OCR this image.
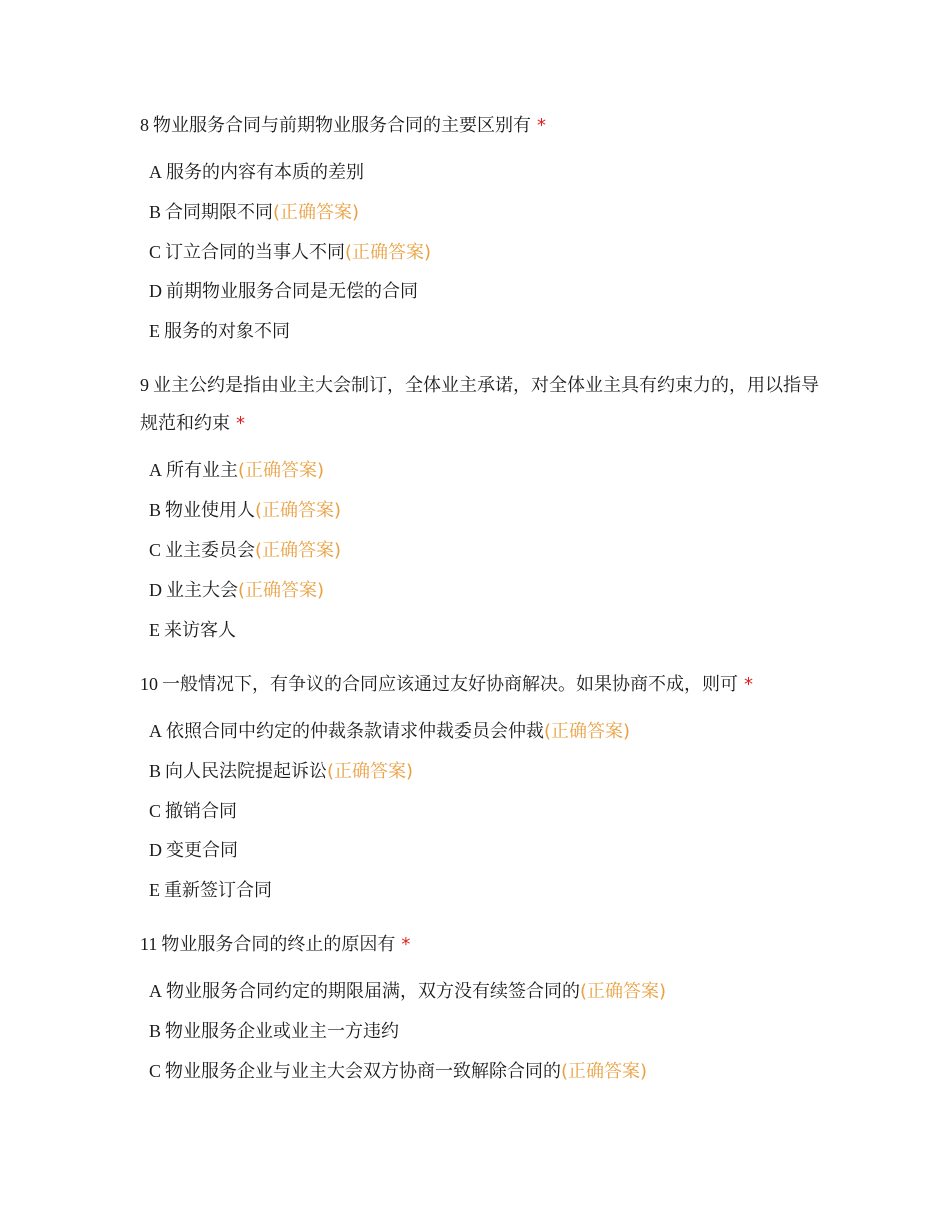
8 物业服务合同与前期物业服务合同的主要区别有 *

A 服务的内容有本质的差别
B 合同期限不同(正确答案)
C 订立合同的当事人不同(正确答案)
D 前期物业服务合同是无偿的合同
E 服务的对象不同

9 业主公约是指由业主大会制订，全体业主承诺，对全体业主具有约束力的，用以指导规范和约束 *

A 所有业主(正确答案)
B 物业使用人(正确答案)
C 业主委员会(正确答案)
D 业主大会(正确答案)
E 来访客人

10 一般情况下，有争议的合同应该通过友好协商解决。如果协商不成，则可 *

A 依照合同中约定的仲裁条款请求仲裁委员会仲裁(正确答案)
B 向人民法院提起诉讼(正确答案)
C 撤销合同
D 变更合同
E 重新签订合同

11 物业服务合同的终止的原因有 *

A 物业服务合同约定的期限届满，双方没有续签合同的(正确答案)
B 物业服务企业或业主一方违约
C 物业服务企业与业主大会双方协商一致解除合同的(正确答案)
